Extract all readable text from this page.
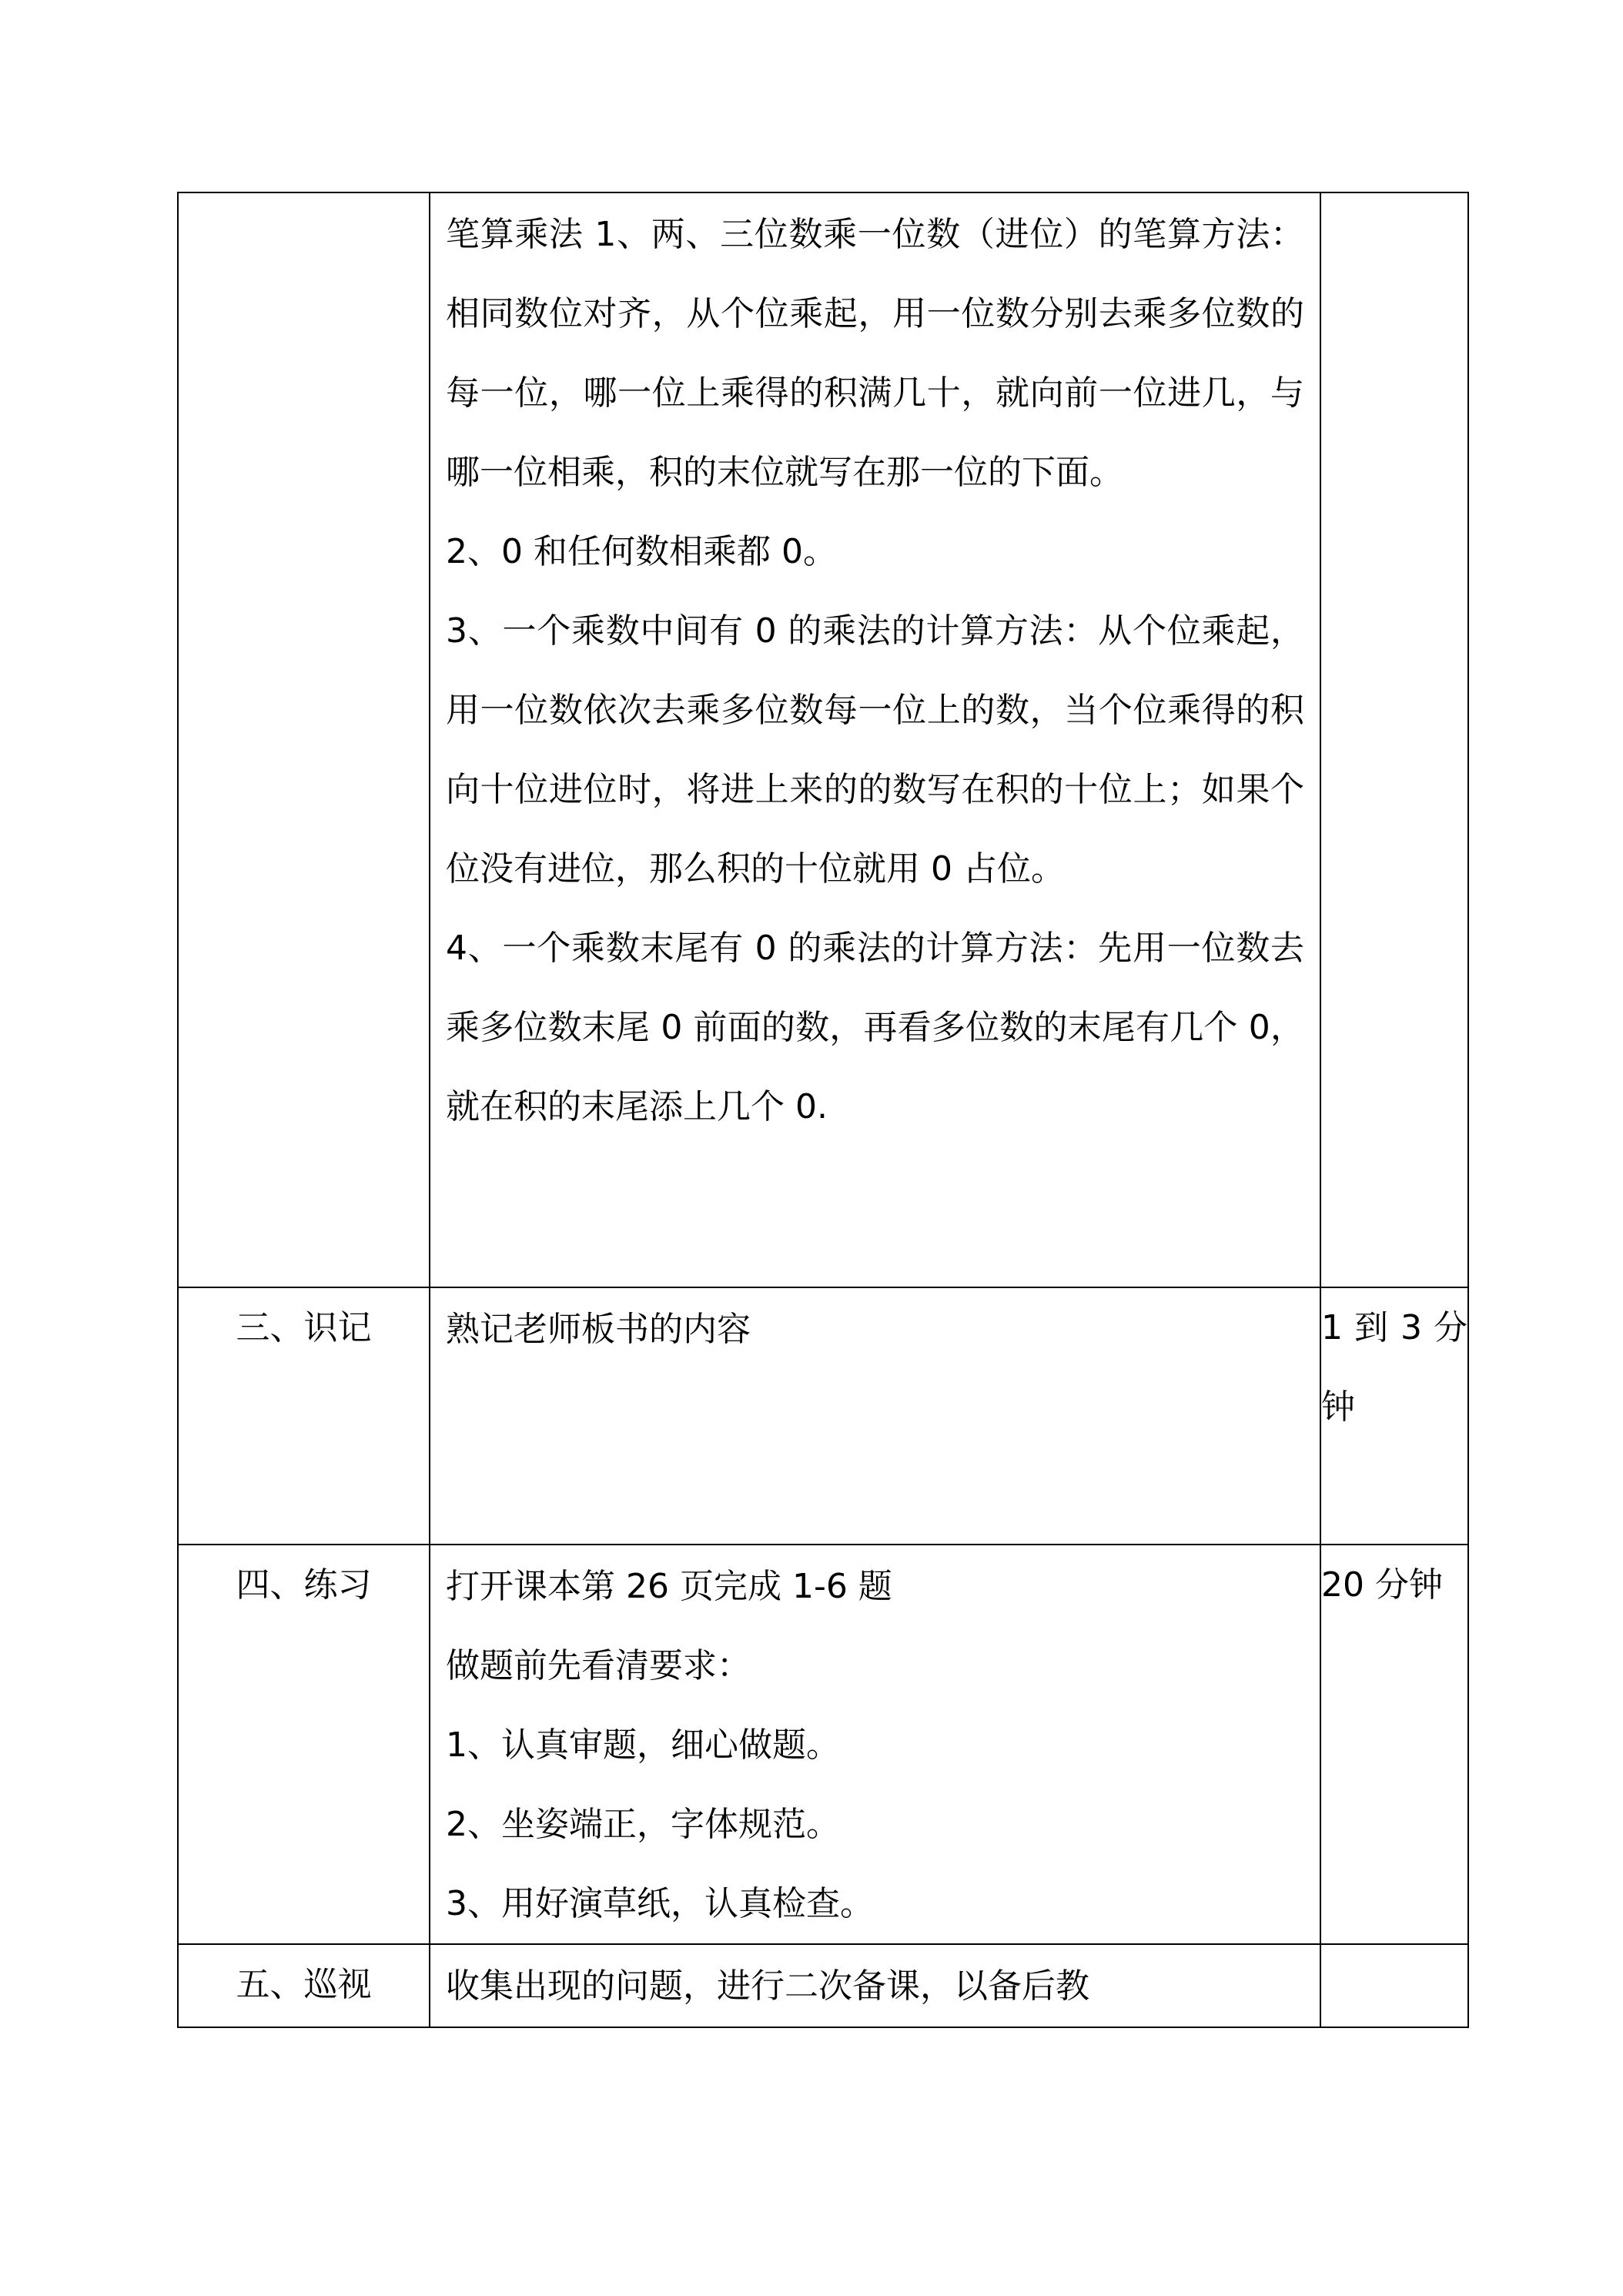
	笔算乘法 1、两、三位数乘一位数（进位）的笔算方法：相同数位对齐，从个位乘起，用一位数分别去乘多位数的每一位，哪一位上乘得的积满几十，就向前一位进几，与哪一位相乘，积的末位就写在那一位的下面。
2、0 和任何数相乘都 0。
3、一个乘数中间有 0 的乘法的计算方法：从个位乘起，用一位数依次去乘多位数每一位上的数，当个位乘得的积向十位进位时，将进上来的的数写在积的十位上；如果个位没有进位，那么积的十位就用 0 占位。
4、一个乘数末尾有 0 的乘法的计算方法：先用一位数去乘多位数末尾 0 前面的数，再看多位数的末尾有几个 0，就在积的末尾添上几个 0.	

三、识记	熟记老师板书的内容	1 到 3 分钟
四、练习	打开课本第 26 页完成 1-6 题
做题前先看清要求：
1、认真审题，细心做题。
2、坐姿端正，字体规范。
3、用好演草纸，认真检查。	20 分钟
五、巡视	收集出现的问题，进行二次备课，以备后教	
